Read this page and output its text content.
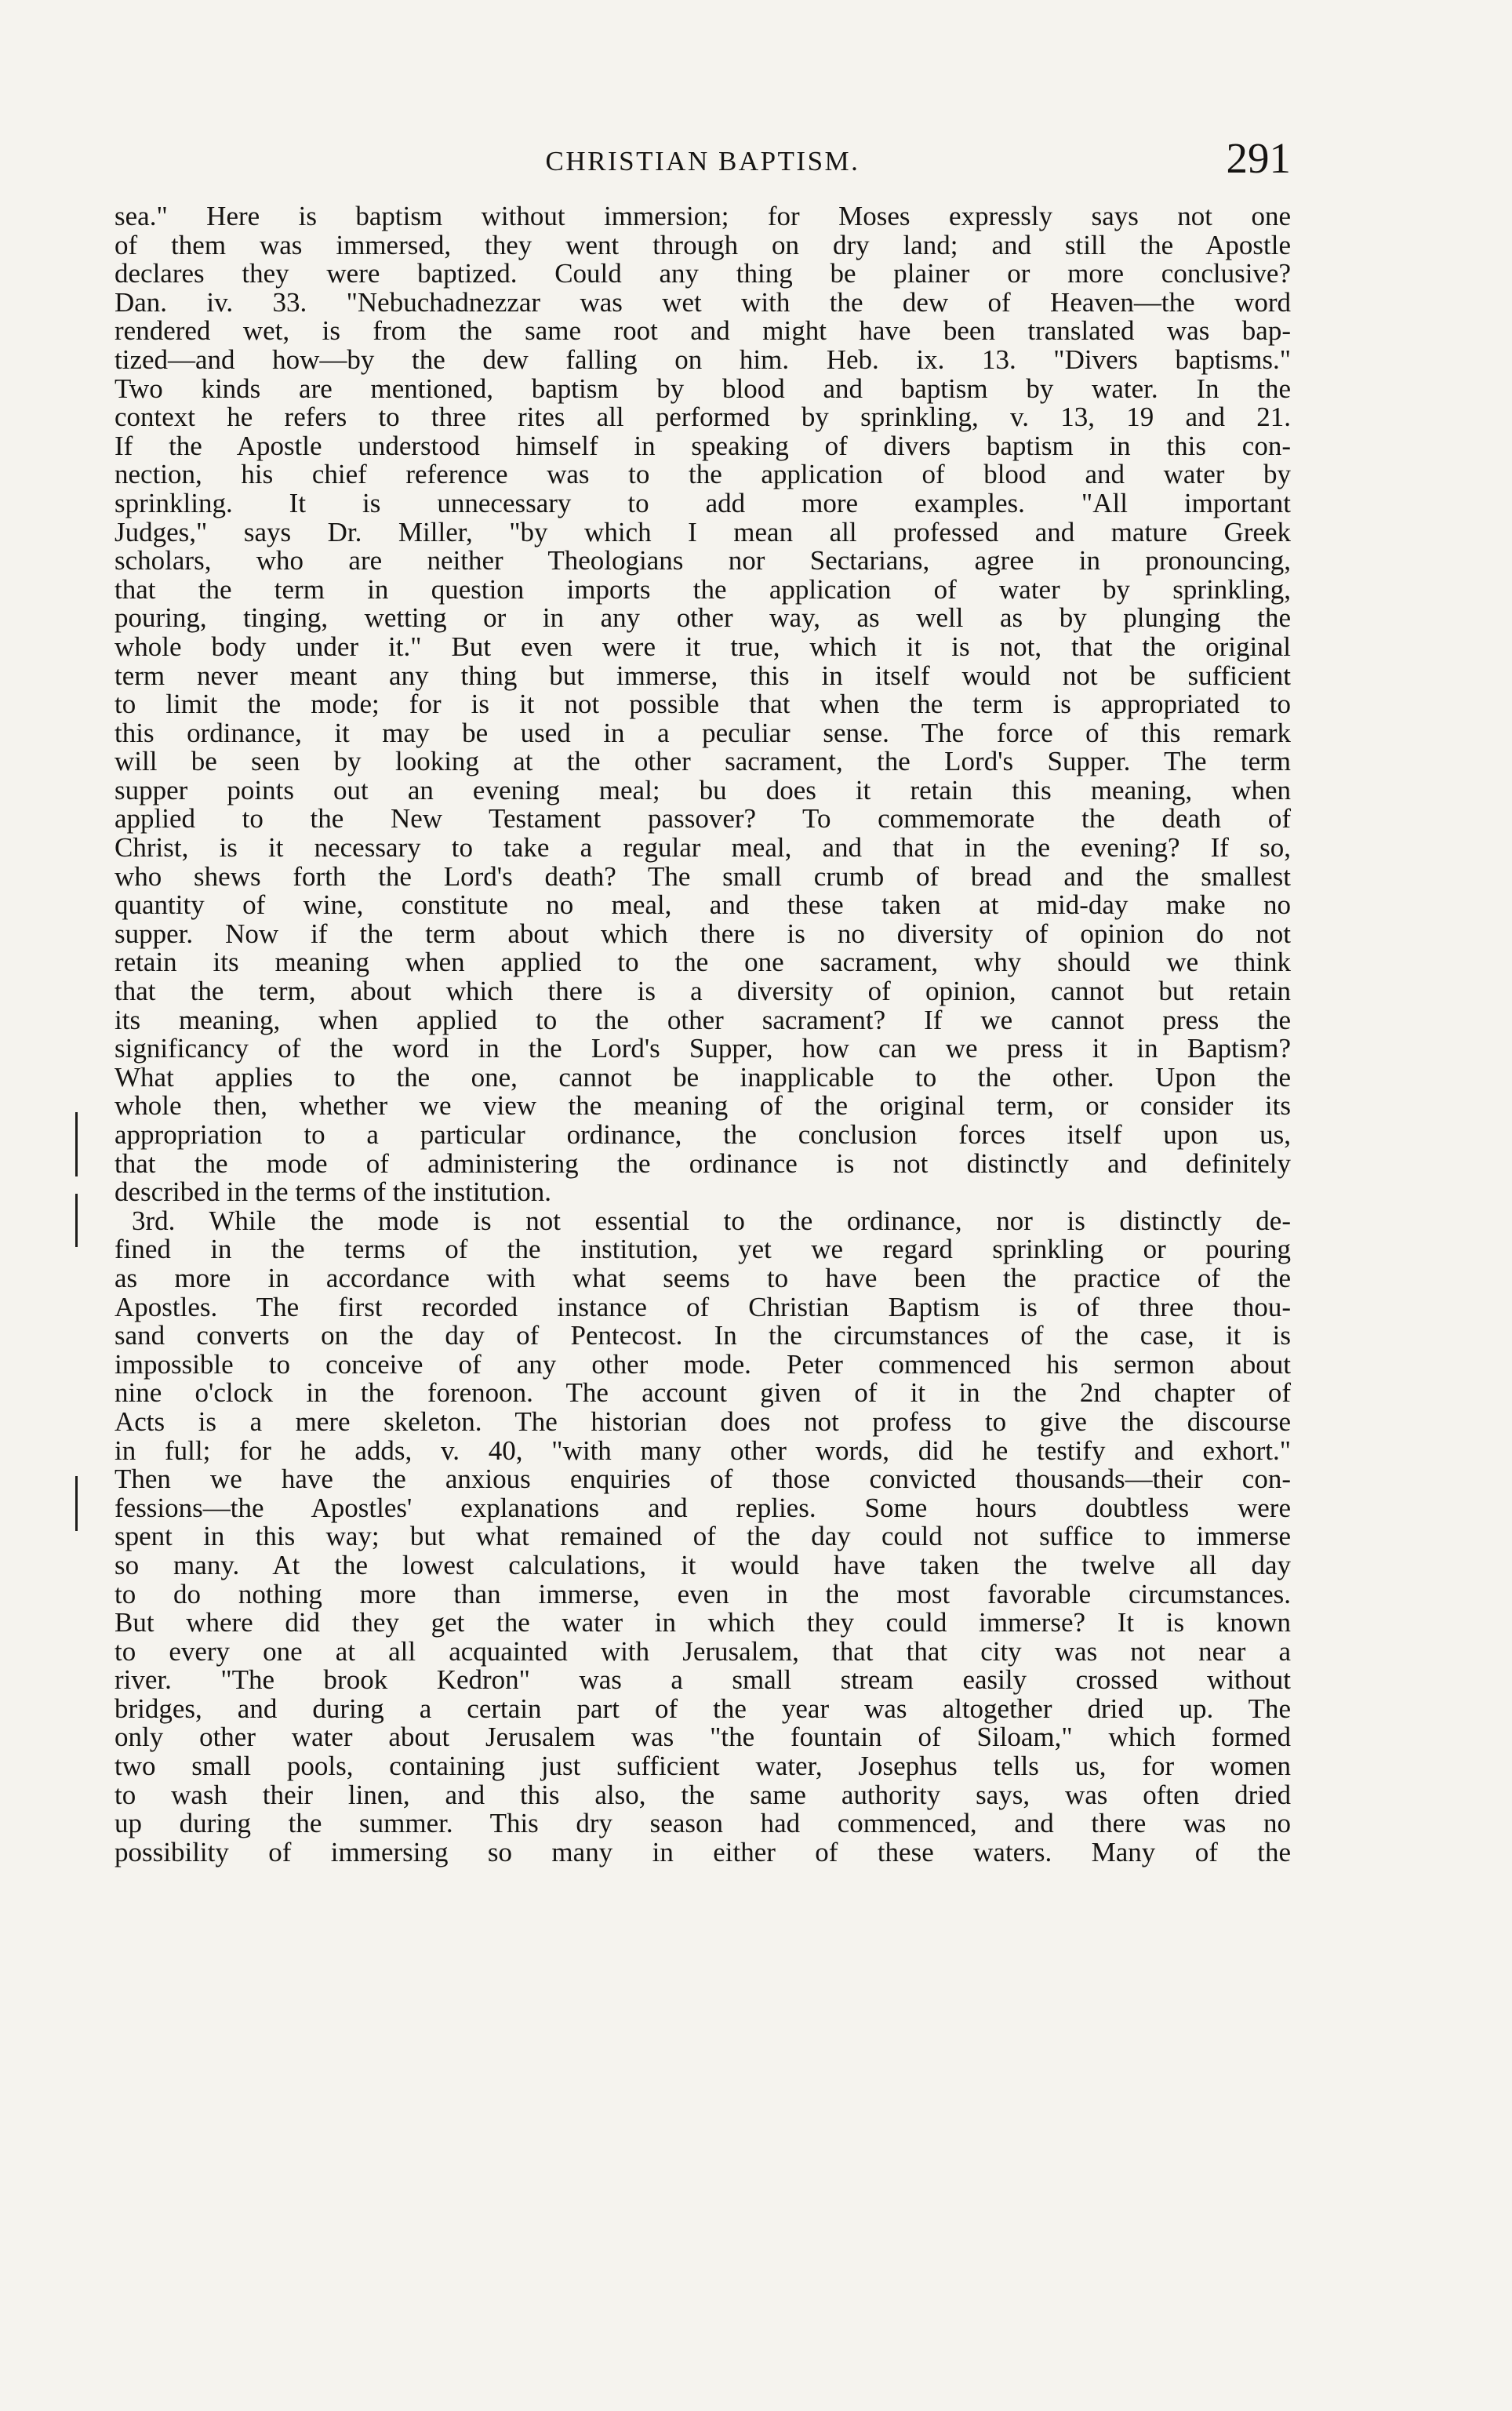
CHRISTIAN BAPTISM.	291
sea." Here is baptism without immersion; for Moses expressly says not one
of them was immersed, they went through on dry land; and still the Apostle
declares they were baptized. Could any thing be plainer or more conclusive?
Dan. iv. 33. "Nebuchadnezzar was wet with the dew of Heaven—the word
rendered wet, is from the same root and might have been translated was bap-
tized—and how—by the dew falling on him. Heb. ix. 13. "Divers baptisms."
Two kinds are mentioned, baptism by blood and baptism by water. In the
context he refers to three rites all performed by sprinkling, v. 13, 19 and 21.
If the Apostle understood himself in speaking of divers baptism in this con-
nection, his chief reference was to the application of blood and water by
sprinkling. It is unnecessary to add more examples. "All important
Judges," says Dr. Miller, "by which I mean all professed and mature Greek
scholars, who are neither Theologians nor Sectarians, agree in pronouncing,
that the term in question imports the application of water by sprinkling,
pouring, tinging, wetting or in any other way, as well as by plunging the
whole body under it." But even were it true, which it is not, that the original
term never meant any thing but immerse, this in itself would not be sufficient
to limit the mode; for is it not possible that when the term is appropriated to
this ordinance, it may be used in a peculiar sense. The force of this remark
will be seen by looking at the other sacrament, the Lord's Supper. The term
supper points out an evening meal; bu does it retain this meaning, when
applied to the New Testament passover? To commemorate the death of
Christ, is it necessary to take a regular meal, and that in the evening? If so,
who shews forth the Lord's death? The small crumb of bread and the smallest
quantity of wine, constitute no meal, and these taken at mid-day make no
supper. Now if the term about which there is no diversity of opinion do not
retain its meaning when applied to the one sacrament, why should we think
that the term, about which there is a diversity of opinion, cannot but retain
its meaning, when applied to the other sacrament? If we cannot press the
significancy of the word in the Lord's Supper, how can we press it in Baptism?
What applies to the one, cannot be inapplicable to the other. Upon the
whole then, whether we view the meaning of the original term, or consider its
appropriation to a particular ordinance, the conclusion forces itself upon us,
that the mode of administering the ordinance is not distinctly and definitely
described in the terms of the institution.
3rd. While the mode is not essential to the ordinance, nor is distinctly de-
fined in the terms of the institution, yet we regard sprinkling or pouring
as more in accordance with what seems to have been the practice of the
Apostles. The first recorded instance of Christian Baptism is of three thou-
sand converts on the day of Pentecost. In the circumstances of the case, it is
impossible to conceive of any other mode. Peter commenced his sermon about
nine o'clock in the forenoon. The account given of it in the 2nd chapter of
Acts is a mere skeleton. The historian does not profess to give the discourse
in full; for he adds, v. 40, "with many other words, did he testify and exhort."
Then we have the anxious enquiries of those convicted thousands—their con-
fessions—the Apostles' explanations and replies. Some hours doubtless were
spent in this way; but what remained of the day could not suffice to immerse
so many. At the lowest calculations, it would have taken the twelve all day
to do nothing more than immerse, even in the most favorable circumstances.
But where did they get the water in which they could immerse? It is known
to every one at all acquainted with Jerusalem, that that city was not near a
river. "The brook Kedron" was a small stream easily crossed without
bridges, and during a certain part of the year was altogether dried up. The
only other water about Jerusalem was "the fountain of Siloam," which formed
two small pools, containing just sufficient water, Josephus tells us, for women
to wash their linen, and this also, the same authority says, was often dried
up during the summer. This dry season had commenced, and there was no
possibility of immersing so many in either of these waters. Many of the
